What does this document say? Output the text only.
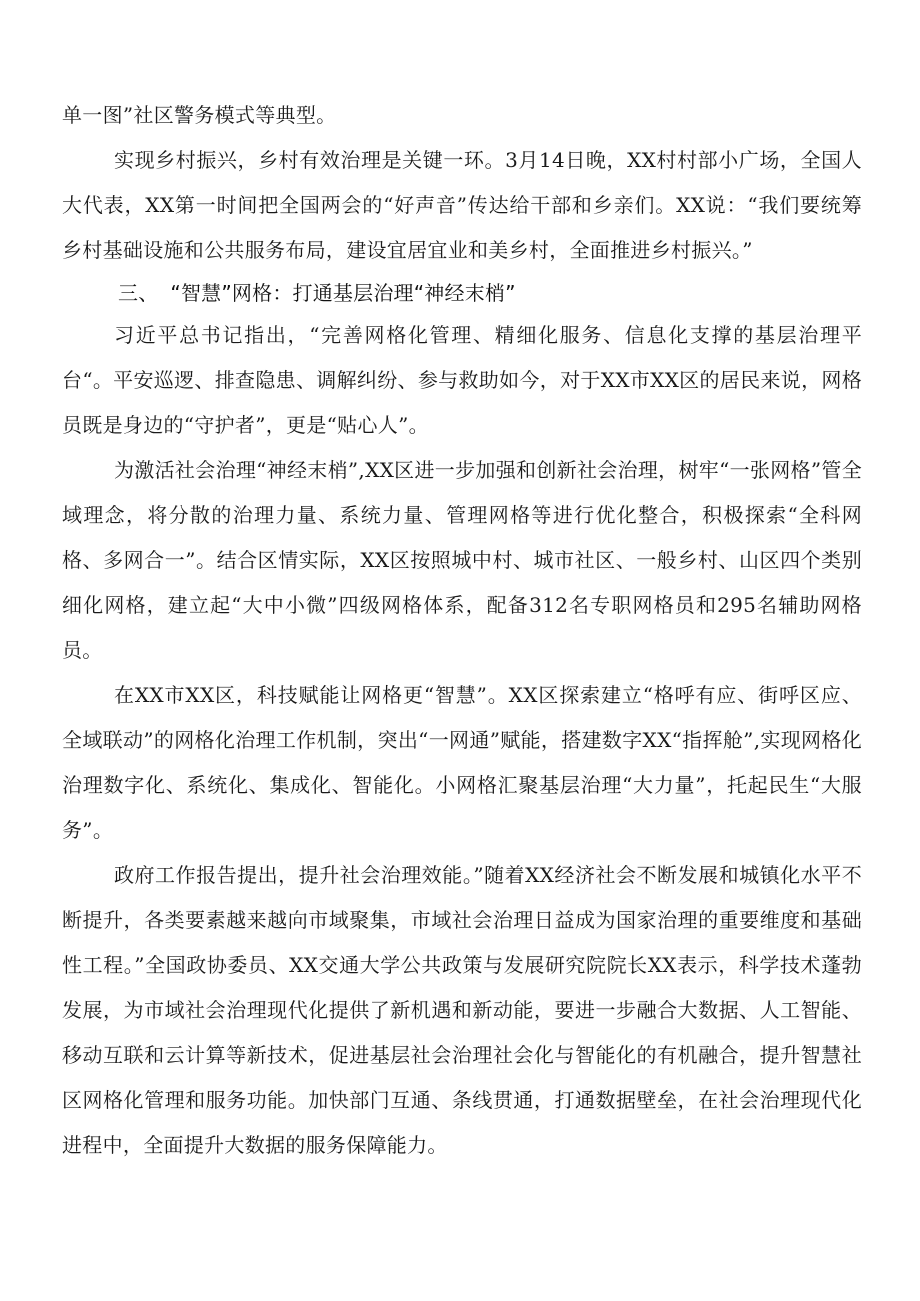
单一图”社区警务模式等典型。

实现乡村振兴，乡村有效治理是关键一环。3月14日晚，XX村村部小广场，全国人大代表，XX第一时间把全国两会的“好声音”传达给干部和乡亲们。XX说：“我们要统筹乡村基础设施和公共服务布局，建设宜居宜业和美乡村，全面推进乡村振兴。”

三、 “智慧”网格：打通基层治理“神经末梢”

习近平总书记指出，“完善网格化管理、精细化服务、信息化支撑的基层治理平台“。平安巡逻、排查隐患、调解纠纷、参与救助如今，对于XX市XX区的居民来说，网格员既是身边的“守护者”，更是“贴心人”。

为激活社会治理“神经末梢”,XX区进一步加强和创新社会治理，树牢“一张网格”管全域理念，将分散的治理力量、系统力量、管理网格等进行优化整合，积极探索“全科网格、多网合一”。结合区情实际，XX区按照城中村、城市社区、一般乡村、山区四个类别细化网格，建立起“大中小微”四级网格体系，配备312名专职网格员和295名辅助网格员。

在XX市XX区，科技赋能让网格更“智慧”。XX区探索建立“格呼有应、街呼区应、全域联动”的网格化治理工作机制，突出“一网通”赋能，搭建数字XX“指挥舱”,实现网格化治理数字化、系统化、集成化、智能化。小网格汇聚基层治理“大力量”，托起民生“大服务”。

政府工作报告提出，提升社会治理效能。”随着XX经济社会不断发展和城镇化水平不断提升，各类要素越来越向市域聚集，市域社会治理日益成为国家治理的重要维度和基础性工程。”全国政协委员、XX交通大学公共政策与发展研究院院长XX表示，科学技术蓬勃发展，为市域社会治理现代化提供了新机遇和新动能，要进一步融合大数据、人工智能、移动互联和云计算等新技术，促进基层社会治理社会化与智能化的有机融合，提升智慧社区网格化管理和服务功能。加快部门互通、条线贯通，打通数据壁垒，在社会治理现代化进程中，全面提升大数据的服务保障能力。
